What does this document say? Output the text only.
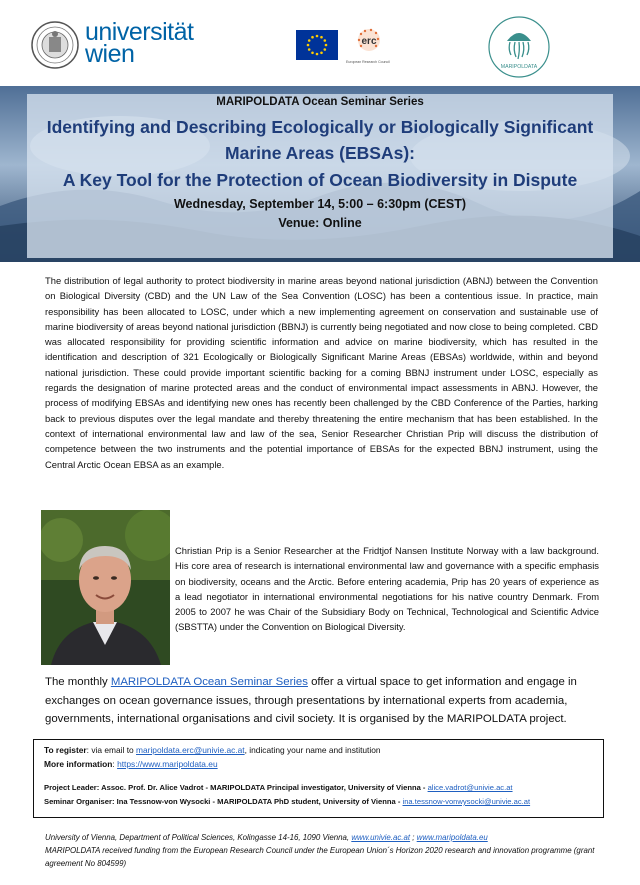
universität wien	erc
European Research Council
MARIPOLDATA
MARIPOLDATA Ocean Seminar Series
Identifying and Describing Ecologically or Biologically Significant
Marine Areas (EBSAs):
A Key Tool for the Protection of Ocean Biodiversity in Dispute
Wednesday, September 14, 5:00 – 6:30pm (CEST)
Venue: Online
The distribution of legal authority to protect biodiversity in marine areas beyond national jurisdiction (ABNJ) between the Convention on Biological Diversity (CBD) and the UN Law of the Sea Convention (LOSC) has been a contentious issue. In practice, main responsibility has been allocated to LOSC, under which a new implementing agreement on conservation and sustainable use of marine biodiversity of areas beyond national jurisdiction (BBNJ) is currently being negotiated and now close to being completed. CBD was allocated responsibility for providing scientific information and advice on marine biodiversity, which has resulted in the identification and description of 321 Ecologically or Biologically Significant Marine Areas (EBSAs) worldwide, within and beyond national jurisdiction. These could provide important scientific backing for a coming BBNJ instrument under LOSC, especially as regards the designation of marine protected areas and the conduct of environmental impact assessments in ABNJ. However, the process of modifying EBSAs and identifying new ones has recently been challenged by the CBD Conference of the Parties, harking back to previous disputes over the legal mandate and thereby threatening the entire mechanism that has been established. In the context of international environmental law and law of the sea, Senior Researcher Christian Prip will discuss the distribution of competence between the two instruments and the potential importance of EBSAs for the expected BBNJ instrument, using the Central Arctic Ocean EBSA as an example.
Christian Prip is a Senior Researcher at the Fridtjof Nansen Institute Norway with a law background. His core area of research is international environmental law and governance with a specific emphasis on biodiversity, oceans and the Arctic. Before entering academia, Prip has 20 years of experience as a lead negotiator in international environmental negotiations for his native country Denmark. From 2005 to 2007 he was Chair of the Subsidiary Body on Technical, Technological and Scientific Advice (SBSTTA) under the Convention on Biological Diversity.
The monthly MARIPOLDATA Ocean Seminar Series offer a virtual space to get information and engage in exchanges on ocean governance issues, through presentations by international experts from academia, governments, international organisations and civil society. It is organised by the MARIPOLDATA project.
To register: via email to maripoldata.erc@univie.ac.at, indicating your name and institution
More information: https://www.maripoldata.eu
Project Leader: Assoc. Prof. Dr. Alice Vadrot - MARIPOLDATA Principal investigator, University of Vienna - alice.vadrot@univie.ac.at
Seminar Organiser: Ina Tessnow-von Wysocki - MARIPOLDATA PhD student, University of Vienna - ina.tessnow-vonwysocki@univie.ac.at
University of Vienna, Department of Political Sciences, Kolingasse 14-16, 1090 Vienna, www.univie.ac.at ; www.maripoldata.eu
MARIPOLDATA received funding from the European Research Council under the European Union´s Horizon 2020 research and innovation programme (grant agreement No 804599)
